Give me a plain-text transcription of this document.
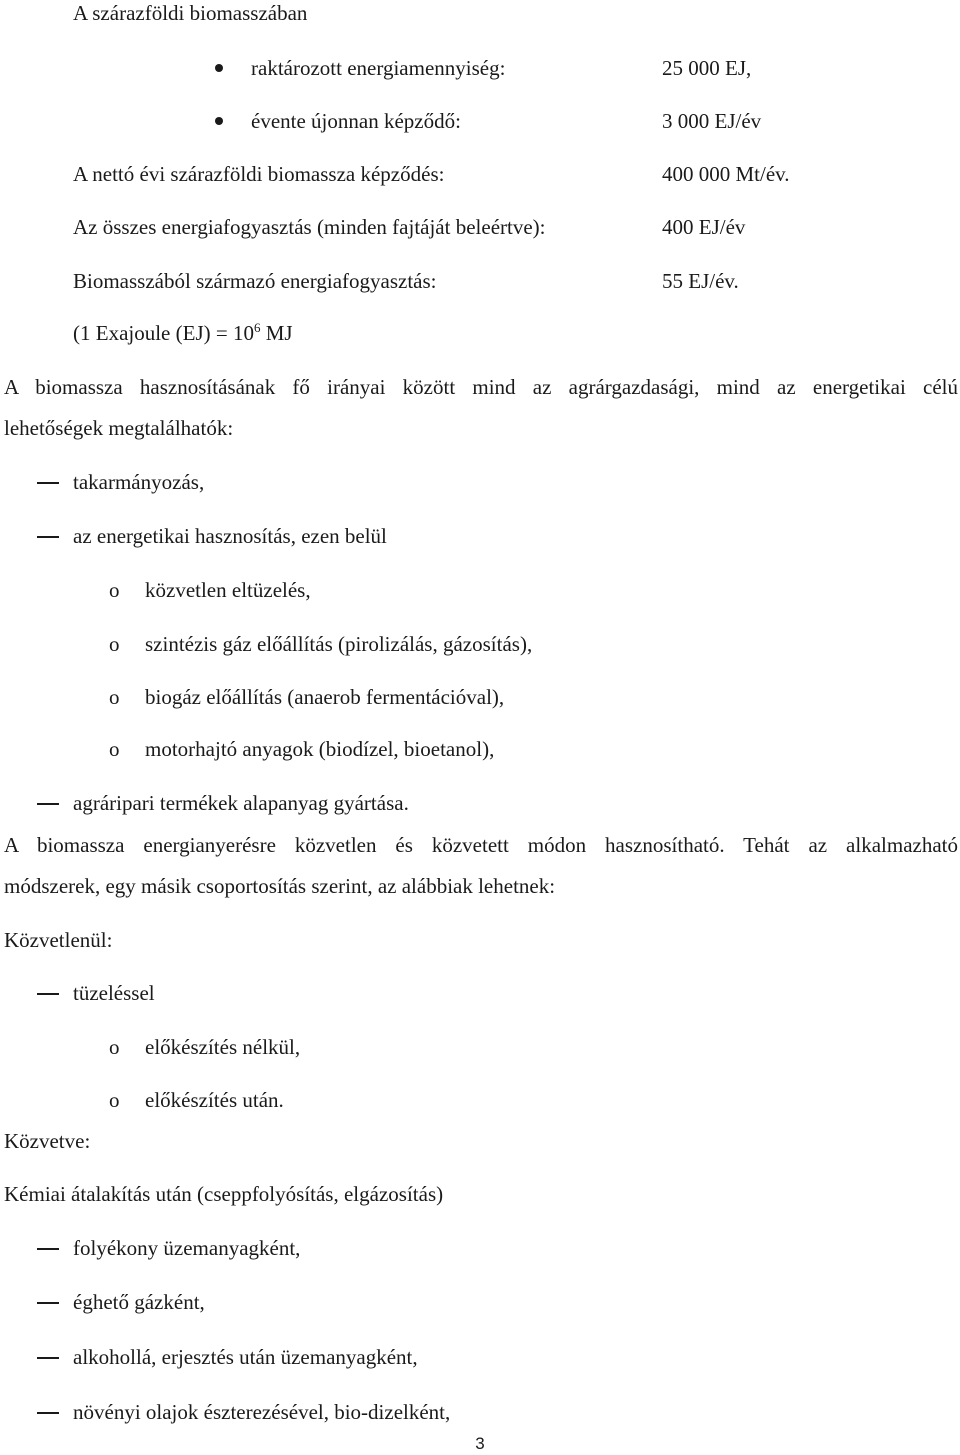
A szárazföldi biomasszában
raktározott energiamennyiség:	25 000 EJ,
évente újonnan képződő:	3 000 EJ/év
A nettó évi szárazföldi biomassza képződés:	400 000 Mt/év.
Az összes energiafogyasztás (minden fajtáját beleértve):	400 EJ/év
Biomasszából származó energiafogyasztás:	55 EJ/év.
(1 Exajoule $(EJ) = 10^6$ MJ
A biomassza hasznosításának fő irányai között mind az agrárgazdasági, mind az energetikai célú
lehetőségek megtalálhatók:
takarmányozás,
az energetikai hasznosítás, ezen belül
o közvetlen eltüzelés,
o szintézis gáz előállítás (pirolizálás, gázosítás),
o biogáz előállítás (anaerob fermentációval),
o motorhajtó anyagok (biodízel, bioetanol),
agráripari termékek alapanyag gyártása.
A biomassza energianyerésre közvetlen és közvetett módon hasznosítható. Tehát az alkalmazható
módszerek, egy másik csoportosítás szerint, az alábbiak lehetnek:
Közvetlenül:
tüzeléssel
o előkészítés nélkül,
o előkészítés után.
Közvetve:
Kémiai átalakítás után (cseppfolyósítás, elgázosítás)
folyékony üzemanyagként,
éghető gázként,
alkohollá, erjesztés után üzemanyagként,
növényi olajok észterezésével, bio-dizelként,
3
